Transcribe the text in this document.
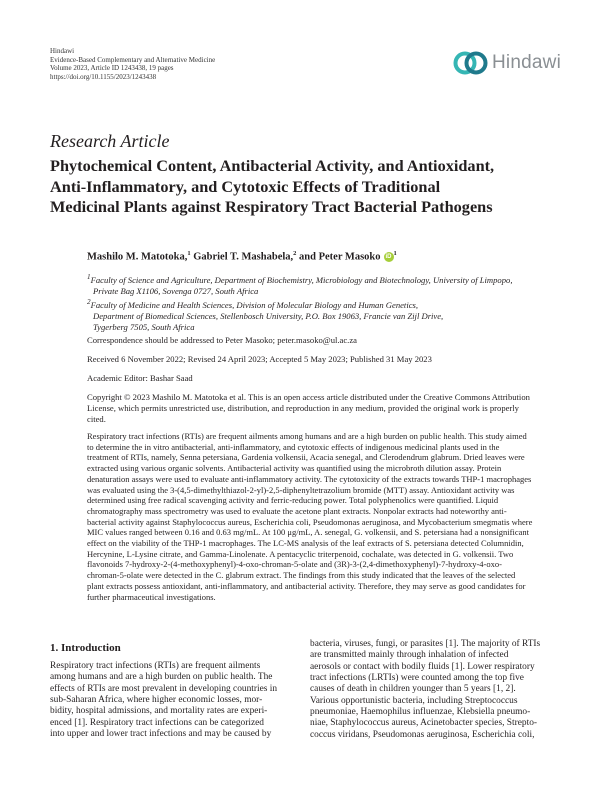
Hindawi
Evidence-Based Complementary and Alternative Medicine
Volume 2023, Article ID 1243438, 19 pages
https://doi.org/10.1155/2023/1243438
Hindawi
Research Article
Phytochemical Content, Antibacterial Activity, and Antioxidant,
Anti-Inflammatory, and Cytotoxic Effects of Traditional
Medicinal Plants against Respiratory Tract Bacterial Pathogens
Mashilo M. Matotoka,$^1$ Gabriel T. Mashabela,$^2$ and Peter Masoko $iD^1$
$^1$Faculty of Science and Agriculture, Department of Biochemistry, Microbiology and Biotechnology, University of Limpopo,
Private Bag X1106, Sovenga 0727, South Africa
$^2$Faculty of Medicine and Health Sciences, Division of Molecular Biology and Human Genetics,
Department of Biomedical Sciences, Stellenbosch University, P.O. Box 19063, Francie van Zijl Drive,
Tygerberg 7505, South Africa
Correspondence should be addressed to Peter Masoko; peter.masoko@ul.ac.za
Received 6 November 2022; Revised 24 April 2023; Accepted 5 May 2023; Published 31 May 2023
Academic Editor: Bashar Saad
Copyright © 2023 Mashilo M. Matotoka et al. This is an open access article distributed under the Creative Commons Attribution
License, which permits unrestricted use, distribution, and reproduction in any medium, provided the original work is properly
cited.
Respiratory tract infections (RTIs) are frequent ailments among humans and are a high burden on public health. This study aimed
to determine the in vitro antibacterial, anti-inflammatory, and cytotoxic effects of indigenous medicinal plants used in the
treatment of RTIs, namely, Senna petersiana, Gardenia volkensii, Acacia senegal, and Clerodendrum glabrum. Dried leaves were
extracted using various organic solvents. Antibacterial activity was quantified using the microbroth dilution assay. Protein
denaturation assays were used to evaluate anti-inflammatory activity. The cytotoxicity of the extracts towards THP-1 macrophages
was evaluated using the 3-(4,5-dimethylthiazol-2-yl)-2,5-diphenyltetrazolium bromide (MTT) assay. Antioxidant activity was
determined using free radical scavenging activity and ferric-reducing power. Total polyphenolics were quantified. Liquid
chromatography mass spectrometry was used to evaluate the acetone plant extracts. Nonpolar extracts had noteworthy anti-
bacterial activity against Staphylococcus aureus, Escherichia coli, Pseudomonas aeruginosa, and Mycobacterium smegmatis where
MIC values ranged between 0.16 and 0.63 mg/mL. At 100 μg/mL, A. senegal, G. volkensii, and S. petersiana had a nonsignificant
effect on the viability of the THP-1 macrophages. The LC-MS analysis of the leaf extracts of S. petersiana detected Columnidin,
Hercynine, L-Lysine citrate, and Gamma-Linolenate. A pentacyclic triterpenoid, cochalate, was detected in G. volkensii. Two
flavonoids 7-hydroxy-2-(4-methoxyphenyl)-4-oxo-chroman-5-olate and (3R)-3-(2,4-dimethoxyphenyl)-7-hydroxy-4-oxo-
chroman-5-olate were detected in the C. glabrum extract. The findings from this study indicated that the leaves of the selected
plant extracts possess antioxidant, anti-inflammatory, and antibacterial activity. Therefore, they may serve as good candidates for
further pharmaceutical investigations.
1. Introduction
Respiratory tract infections (RTIs) are frequent ailments
among humans and are a high burden on public health. The
effects of RTIs are most prevalent in developing countries in
sub-Saharan Africa, where higher economic losses, mor-
bidity, hospital admissions, and mortality rates are experi-
enced [1]. Respiratory tract infections can be categorized
into upper and lower tract infections and may be caused by
bacteria, viruses, fungi, or parasites [1]. The majority of RTIs
are transmitted mainly through inhalation of infected
aerosols or contact with bodily fluids [1]. Lower respiratory
tract infections (LRTIs) were counted among the top five
causes of death in children younger than 5 years [1, 2].
Various opportunistic bacteria, including Streptococcus
pneumoniae, Haemophilus influenzae, Klebsiella pneumo-
niae, Staphylococcus aureus, Acinetobacter species, Strepto-
coccus viridans, Pseudomonas aeruginosa, Escherichia coli,
